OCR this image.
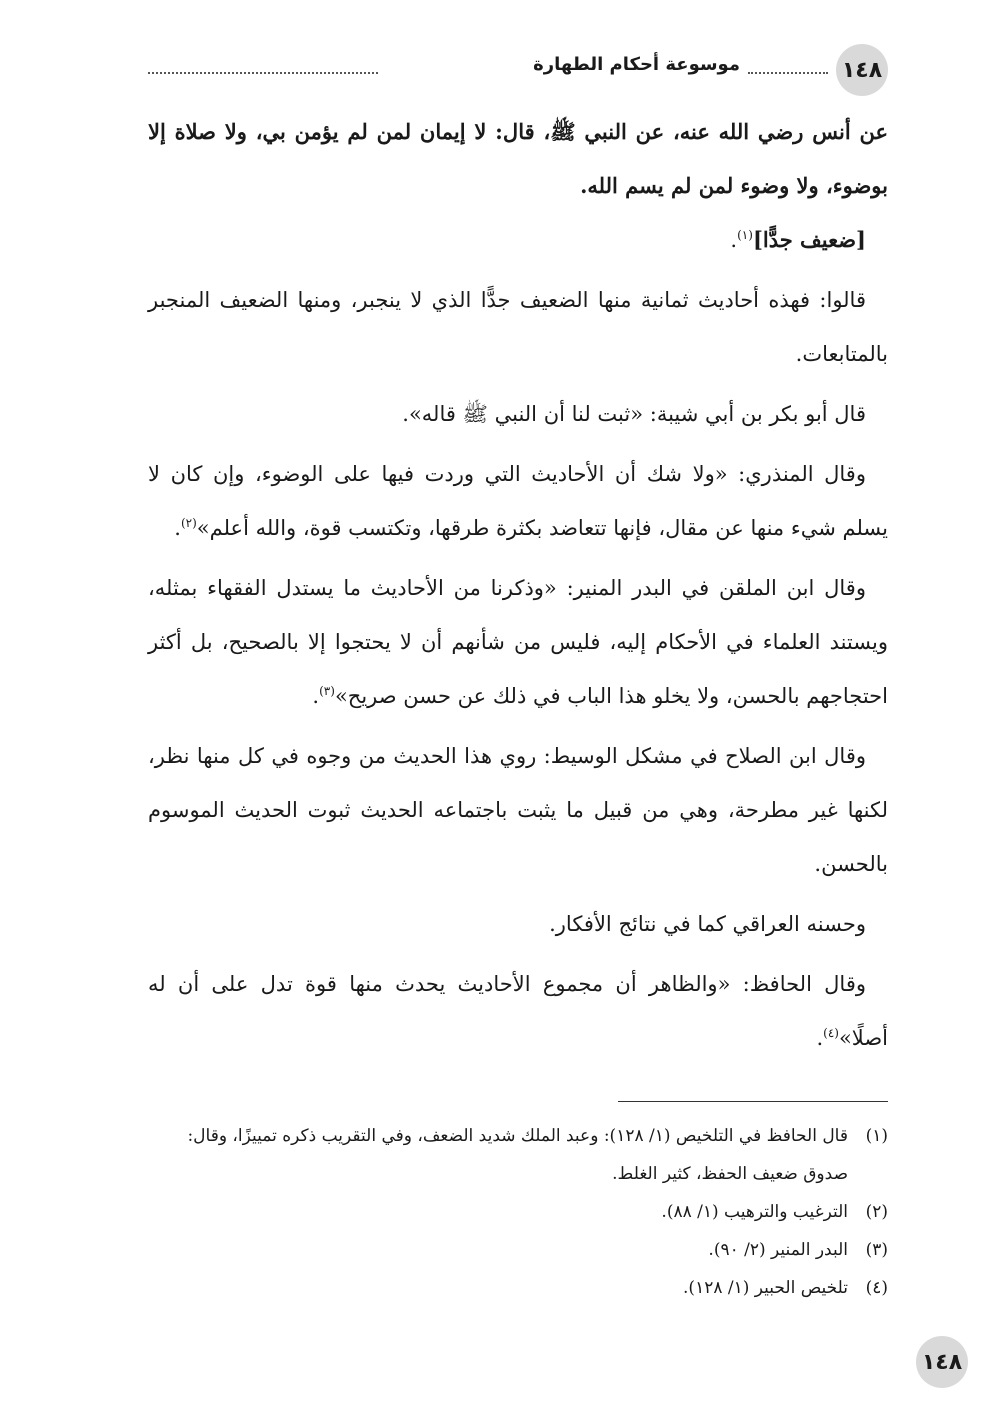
١٤٨
موسوعة أحكام الطهارة

عن أنس رضي الله عنه، عن النبي ﷺ، قال: لا إيمان لمن لم يؤمن بي، ولا صلاة إلا بوضوء، ولا وضوء لمن لم يسم الله.

[ضعيف جدًّا]$^{(١)}$.

قالوا: فهذه أحاديث ثمانية منها الضعيف جدًّا الذي لا ينجبر، ومنها الضعيف المنجبر بالمتابعات.

قال أبو بكر بن أبي شيبة: «ثبت لنا أن النبي ﷺ قاله».

وقال المنذري: «ولا شك أن الأحاديث التي وردت فيها على الوضوء، وإن كان لا يسلم شيء منها عن مقال، فإنها تتعاضد بكثرة طرقها، وتكتسب قوة، والله أعلم»$^{(٢)}$.

وقال ابن الملقن في البدر المنير: «وذكرنا من الأحاديث ما يستدل الفقهاء بمثله، ويستند العلماء في الأحكام إليه، فليس من شأنهم أن لا يحتجوا إلا بالصحيح، بل أكثر احتجاجهم بالحسن، ولا يخلو هذا الباب في ذلك عن حسن صريح»$^{(٣)}$.

وقال ابن الصلاح في مشكل الوسيط: روي هذا الحديث من وجوه في كل منها نظر، لكنها غير مطرحة، وهي من قبيل ما يثبت باجتماعه الحديث ثبوت الحديث الموسوم بالحسن.

وحسنه العراقي كما في نتائج الأفكار.

وقال الحافظ: «والظاهر أن مجموع الأحاديث يحدث منها قوة تدل على أن له أصلًا»$^{(٤)}$.

(١)
قال الحافظ في التلخيص (١/ ١٢٨): وعبد الملك شديد الضعف، وفي التقريب ذكره تمييزًا، وقال: صدوق ضعيف الحفظ، كثير الغلط.
(٢)
الترغيب والترهيب (١/ ٨٨).
(٣)
البدر المنير (٢/ ٩٠).
(٤)
تلخيص الحبير (١/ ١٢٨).
١٤٨
